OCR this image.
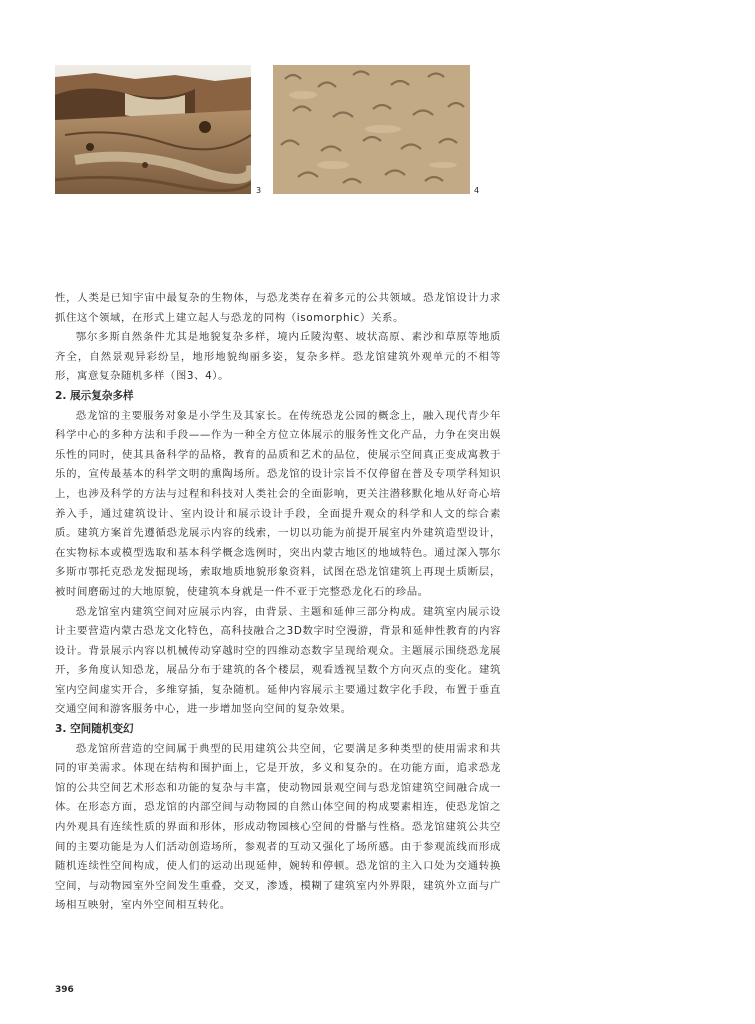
3	4

性，人类是已知宇宙中最复杂的生物体，与恐龙类存在着多元的公共领域。恐龙馆设计力求抓住这个领域，在形式上建立起人与恐龙的同构（isomorphic）关系。

鄂尔多斯自然条件尤其是地貌复杂多样，境内丘陵沟壑、坡状高原、素沙和草原等地质齐全，自然景观异彩纷呈，地形地貌绚丽多姿，复杂多样。恐龙馆建筑外观单元的不相等形，寓意复杂随机多样（图3、4）。

2. 展示复杂多样

恐龙馆的主要服务对象是小学生及其家长。在传统恐龙公园的概念上，融入现代青少年科学中心的多种方法和手段——作为一种全方位立体展示的服务性文化产品，力争在突出娱乐性的同时，使其具备科学的品格，教育的品质和艺术的品位，使展示空间真正变成寓教于乐的，宣传最基本的科学文明的熏陶场所。恐龙馆的设计宗旨不仅停留在普及专项学科知识上，也涉及科学的方法与过程和科技对人类社会的全面影响，更关注潜移默化地从好奇心培养入手，通过建筑设计、室内设计和展示设计手段，全面提升观众的科学和人文的综合素质。建筑方案首先遵循恐龙展示内容的线索，一切以功能为前提开展室内外建筑造型设计，在实物标本或模型选取和基本科学概念选例时，突出内蒙古地区的地域特色。通过深入鄂尔多斯市鄂托克恐龙发掘现场，索取地质地貌形象资料，试图在恐龙馆建筑上再现土质断层，被时间磨砺过的大地原貌，使建筑本身就是一件不亚于完整恐龙化石的珍品。

恐龙馆室内建筑空间对应展示内容，由背景、主题和延伸三部分构成。建筑室内展示设计主要营造内蒙古恐龙文化特色，高科技融合之3D数字时空漫游，背景和延伸性教育的内容设计。背景展示内容以机械传动穿越时空的四维动态数字呈现给观众。主题展示围绕恐龙展开，多角度认知恐龙，展品分布于建筑的各个楼层，观看透视呈数个方向灭点的变化。建筑室内空间虚实开合，多维穿插，复杂随机。延伸内容展示主要通过数字化手段，布置于垂直交通空间和游客服务中心，进一步增加竖向空间的复杂效果。

3. 空间随机变幻

恐龙馆所营造的空间属于典型的民用建筑公共空间，它要满足多种类型的使用需求和共同的审美需求。体现在结构和围护面上，它是开放，多义和复杂的。在功能方面，追求恐龙馆的公共空间艺术形态和功能的复杂与丰富，使动物园景观空间与恐龙馆建筑空间融合成一体。在形态方面，恐龙馆的内部空间与动物园的自然山体空间的构成要素相连，使恐龙馆之内外观具有连续性质的界面和形体，形成动物园核心空间的骨骼与性格。恐龙馆建筑公共空间的主要功能是为人们活动创造场所，参观者的互动又强化了场所感。由于参观流线而形成随机连续性空间构成，使人们的运动出现延伸，婉转和停顿。恐龙馆的主入口处为交通转换空间，与动物园室外空间发生重叠，交叉，渗透，模糊了建筑室内外界限，建筑外立面与广场相互映射，室内外空间相互转化。

396
